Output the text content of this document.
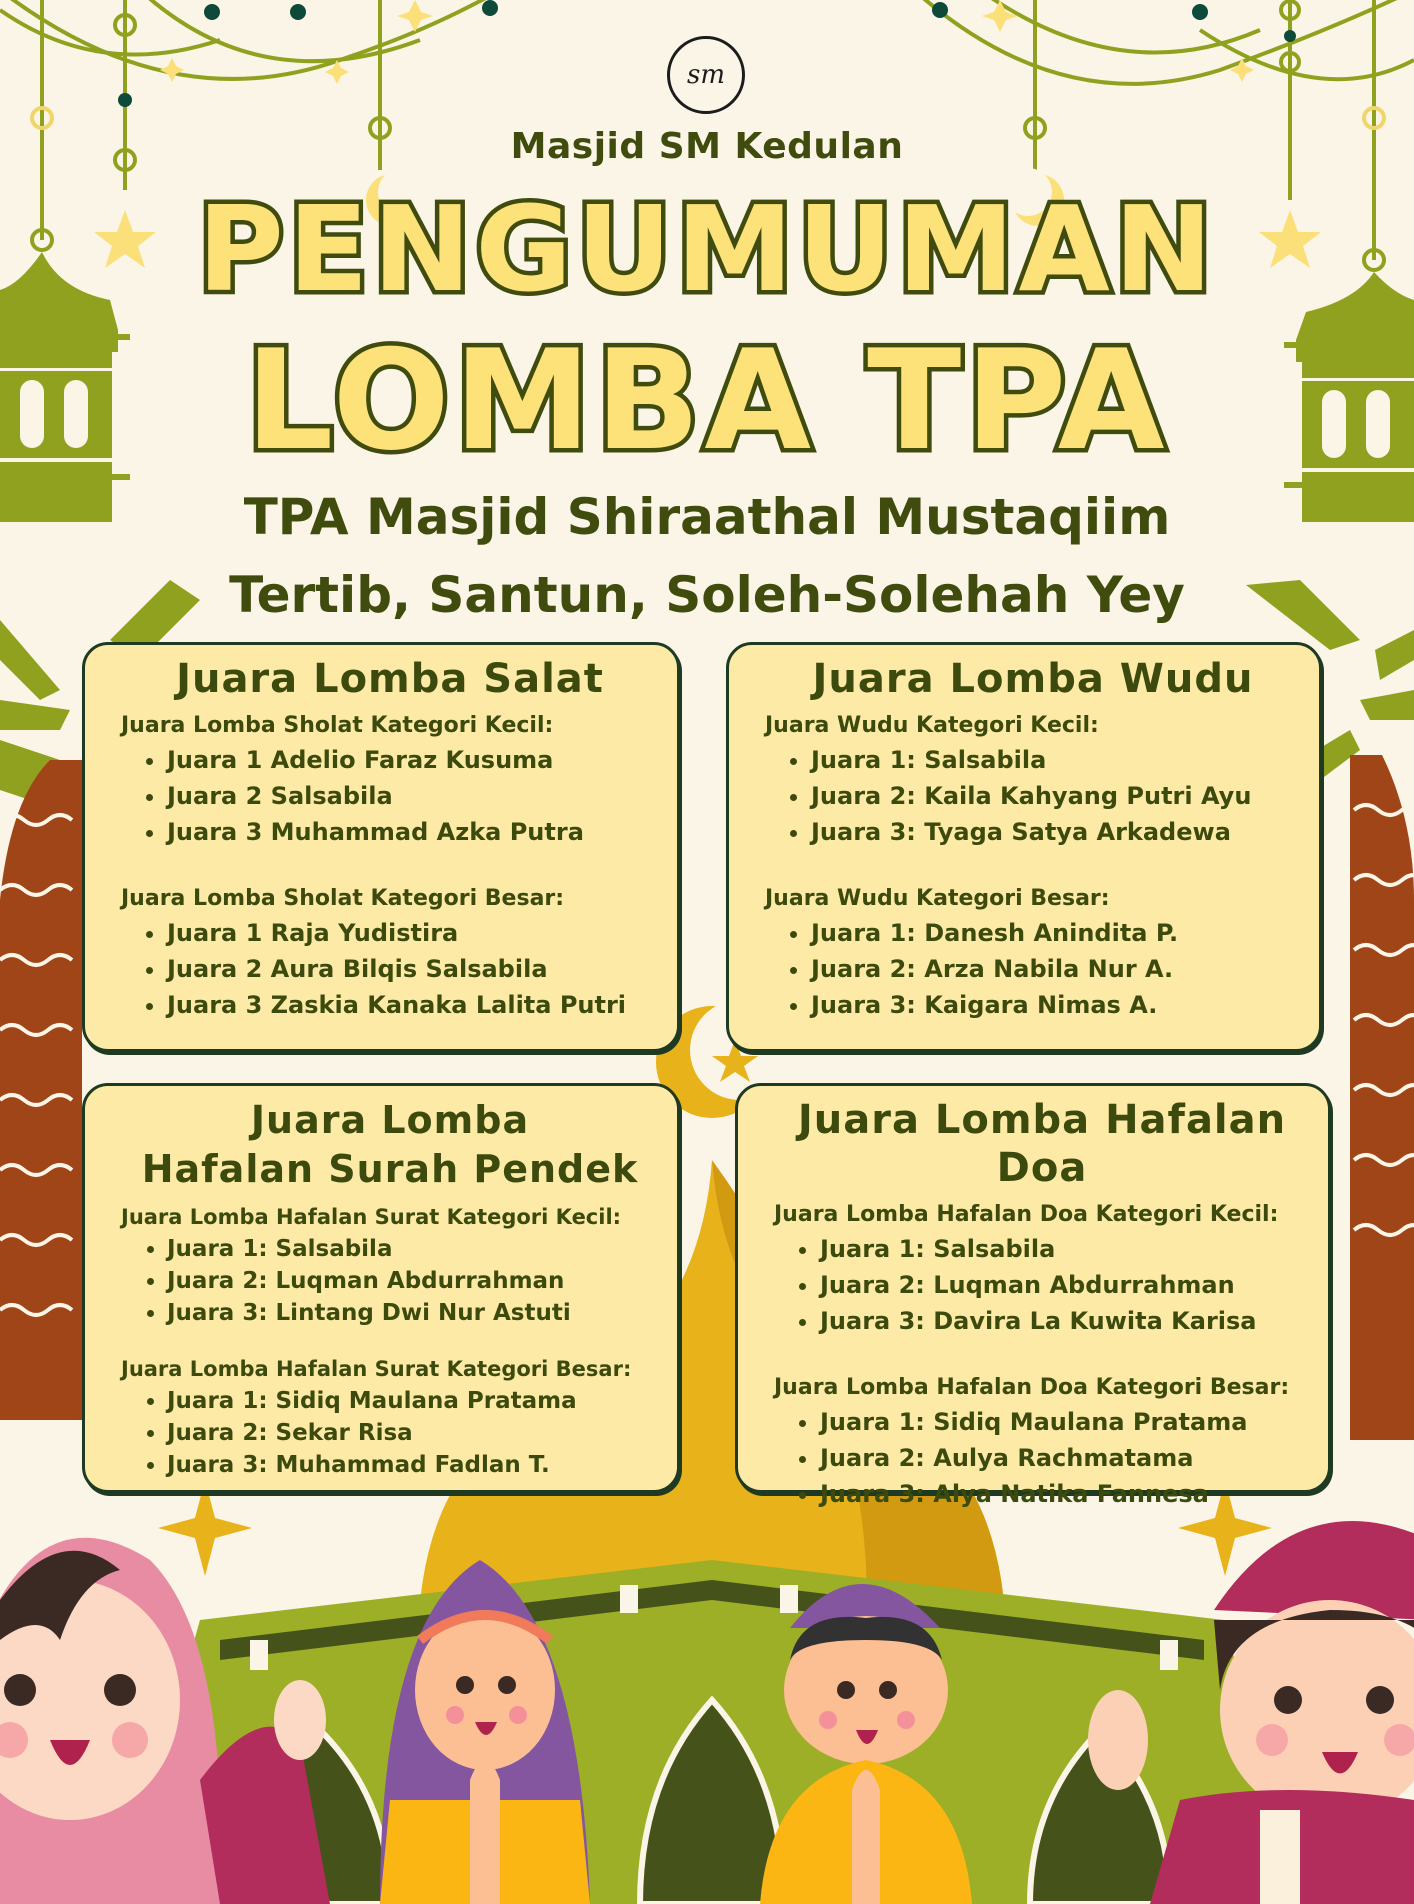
sm
Masjid SM Kedulan
PENGUMUMAN
LOMBA TPA
TPA Masjid Shiraathal Mustaqiim
Tertib, Santun, Soleh-Solehah Yey
Juara Lomba Salat
Juara Lomba Sholat Kategori Kecil:
• Juara 1 Adelio Faraz Kusuma
• Juara 2 Salsabila
• Juara 3 Muhammad Azka Putra
Juara Lomba Sholat Kategori Besar:
• Juara 1 Raja Yudistira
• Juara 2 Aura Bilqis Salsabila
• Juara 3 Zaskia Kanaka Lalita Putri
Juara Lomba Wudu
Juara Wudu Kategori Kecil:
• Juara 1: Salsabila
• Juara 2: Kaila Kahyang Putri Ayu
• Juara 3: Tyaga Satya Arkadewa
Juara Wudu Kategori Besar:
• Juara 1: Danesh Anindita P.
• Juara 2: Arza Nabila Nur A.
• Juara 3: Kaigara Nimas A.
Juara Lomba
Hafalan Surah Pendek
Juara Lomba Hafalan Surat Kategori Kecil:
• Juara 1: Salsabila
• Juara 2: Luqman Abdurrahman
• Juara 3: Lintang Dwi Nur Astuti
Juara Lomba Hafalan Surat Kategori Besar:
• Juara 1: Sidiq Maulana Pratama
• Juara 2: Sekar Risa
• Juara 3: Muhammad Fadlan T.
Juara Lomba Hafalan Doa
Juara Lomba Hafalan Doa Kategori Kecil:
• Juara 1: Salsabila
• Juara 2: Luqman Abdurrahman
• Juara 3: Davira La Kuwita Karisa
Juara Lomba Hafalan Doa Kategori Besar:
• Juara 1: Sidiq Maulana Pratama
• Juara 2: Aulya Rachmatama
• Juara 3: Alya Natika Fannesa
